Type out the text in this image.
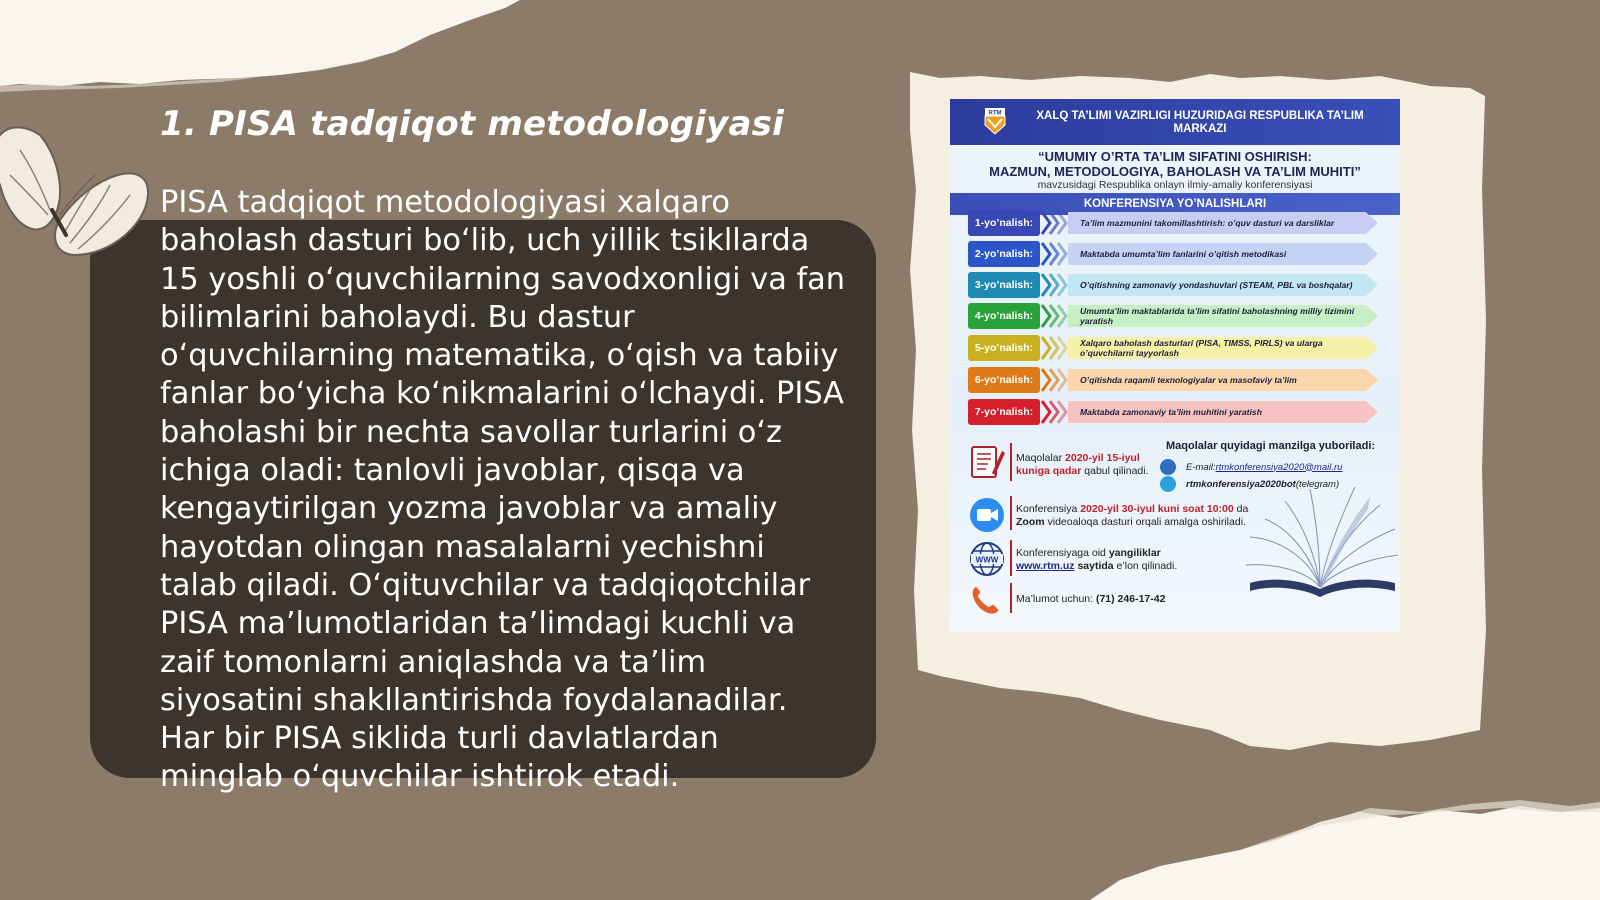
1. PISA tadqiqot metodologiyasi

PISA tadqiqot metodologiyasi xalqaro baholash dasturi bo‘lib, uch yillik tsikllarda 15 yoshli o‘quvchilarning savodxonligi va fan bilimlarini baholaydi. Bu dastur o‘quvchilarning matematika, o‘qish va tabiiy fanlar bo‘yicha ko‘nikmalarini o‘lchaydi. PISA baholashi bir nechta savollar turlarini o‘z ichiga oladi: tanlovli javoblar, qisqa va kengaytirilgan yozma javoblar va amaliy hayotdan olingan masalalarni yechishni talab qiladi. O‘qituvchilar va tadqiqotchilar PISA ma’lumotlaridan ta’limdagi kuchli va zaif tomonlarni aniqlashda va ta’lim siyosatini shakllantirishda foydalanadilar. Har bir PISA siklida turli davlatlardan minglab o‘quvchilar ishtirok etadi.

RTM	XALQ TA’LIMI VAZIRLIGI HUZURIDAGI RESPUBLIKA TA’LIM MARKAZI
“UMUMIY O’RTA TA’LIM SIFATINI OSHIRISH:
MAZMUN, METODOLOGIYA, BAHOLASH VA TA’LIM MUHITI”
mavzusidagi Respublika onlayn ilmiy-amaliy konferensiyasi
KONFERENSIYA YO’NALISHLARI
1-yo’nalish:	Ta’lim mazmunini takomillashtirish: o’quv dasturi va darsliklar
2-yo’nalish:	Maktabda umumta’lim fanlarini o’qitish metodikasi
3-yo’nalish:	O’qitishning zamonaviy yondashuvlari (STEAM, PBL va boshqalar)
4-yo’nalish:	Umumta’lim maktablarida ta’lim sifatini baholashning milliy tizimini yaratish
5-yo’nalish:	Xalqaro baholash dasturlari (PISA, TIMSS, PIRLS) va ularga o’quvchilarni tayyorlash
6-yo’nalish:	O’qitishda raqamli texnologiyalar va masofaviy ta’lim
7-yo’nalish:	Maktabda zamonaviy ta’lim muhitini yaratish
Maqolalar 2020-yil 15-iyul kuniga qadar qabul qilinadi.
Maqolalar quyidagi manzilga yuboriladi:
E-mail: rtmkonferensiya2020@mail.ru
rtmkonferensiya2020bot (telegram)
Konferensiya 2020-yil 30-iyul kuni soat 10:00 da
Zoom videoaloqa dasturi orqali amalga oshiriladi.
WWW
Konferensiyaga oid yangiliklar
www.rtm.uz saytida e’lon qilinadi.
Ma’lumot uchun: (71) 246-17-42
